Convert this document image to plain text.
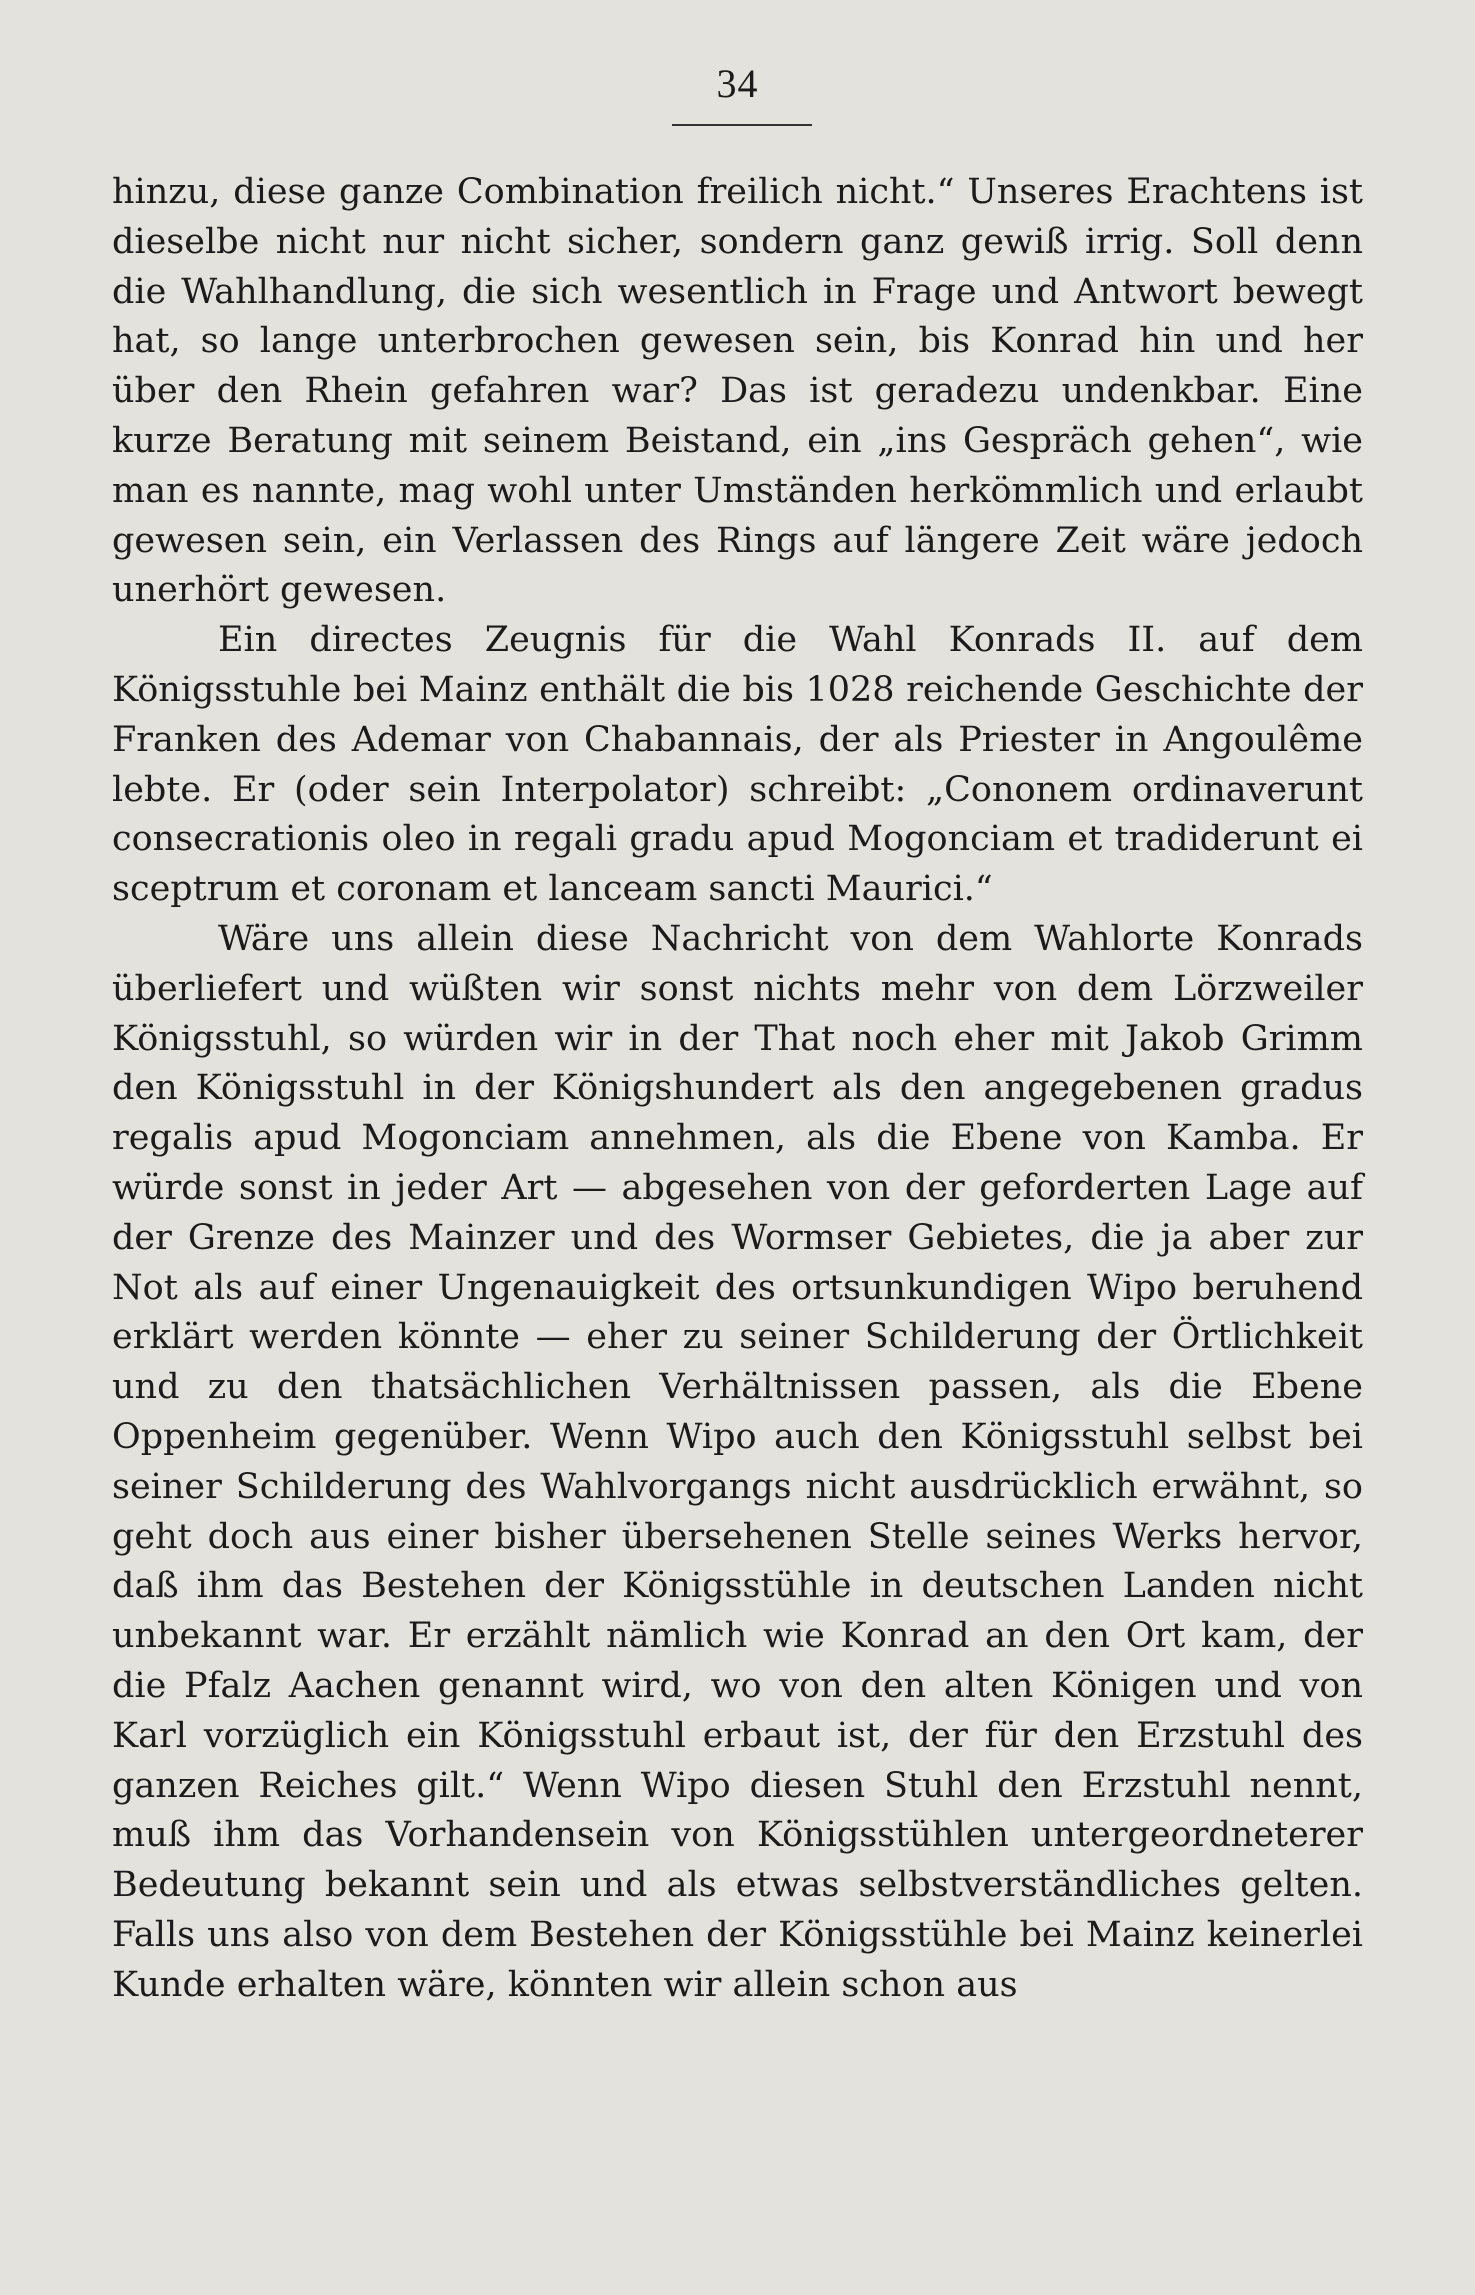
34

hinzu, diese ganze Combination freilich nicht.“ Unseres Erachtens ist dieselbe nicht nur nicht sicher, sondern ganz gewiß irrig. Soll denn die Wahlhandlung, die sich wesentlich in Frage und Antwort bewegt hat, so lange unterbrochen gewesen sein, bis Konrad hin und her über den Rhein gefahren war? Das ist geradezu undenkbar. Eine kurze Beratung mit seinem Beistand, ein „ins Gespräch gehen“, wie man es nannte, mag wohl unter Umständen herkömmlich und erlaubt gewesen sein, ein Verlassen des Rings auf längere Zeit wäre jedoch unerhört gewesen.

Ein directes Zeugnis für die Wahl Konrads II. auf dem Königsstuhle bei Mainz enthält die bis 1028 reichende Geschichte der Franken des Ademar von Chabannais, der als Priester in Angoulême lebte. Er (oder sein Interpolator) schreibt: „Cononem ordinaverunt consecrationis oleo in regali gradu apud Mogonciam et tradiderunt ei sceptrum et coronam et lanceam sancti Maurici.“

Wäre uns allein diese Nachricht von dem Wahlorte Konrads überliefert und wüßten wir sonst nichts mehr von dem Lörzweiler Königsstuhl, so würden wir in der That noch eher mit Jakob Grimm den Königsstuhl in der Königshundert als den angegebenen gradus regalis apud Mogonciam annehmen, als die Ebene von Kamba. Er würde sonst in jeder Art — abgesehen von der geforderten Lage auf der Grenze des Mainzer und des Wormser Gebietes, die ja aber zur Not als auf einer Ungenauigkeit des ortsunkundigen Wipo beruhend erklärt werden könnte — eher zu seiner Schilderung der Örtlichkeit und zu den thatsächlichen Verhältnissen passen, als die Ebene Oppenheim gegenüber. Wenn Wipo auch den Königsstuhl selbst bei seiner Schilderung des Wahlvorgangs nicht ausdrücklich erwähnt, so geht doch aus einer bisher übersehenen Stelle seines Werks hervor, daß ihm das Bestehen der Königsstühle in deutschen Landen nicht unbekannt war. Er erzählt nämlich wie Konrad an den Ort kam, der die Pfalz Aachen genannt wird, wo von den alten Königen und von Karl vorzüglich ein Königsstuhl erbaut ist, der für den Erzstuhl des ganzen Reiches gilt.“ Wenn Wipo diesen Stuhl den Erzstuhl nennt, muß ihm das Vorhandensein von Königsstühlen untergeordneterer Bedeutung bekannt sein und als etwas selbstverständliches gelten. Falls uns also von dem Bestehen der Königsstühle bei Mainz keinerlei Kunde erhalten wäre, könnten wir allein schon aus
